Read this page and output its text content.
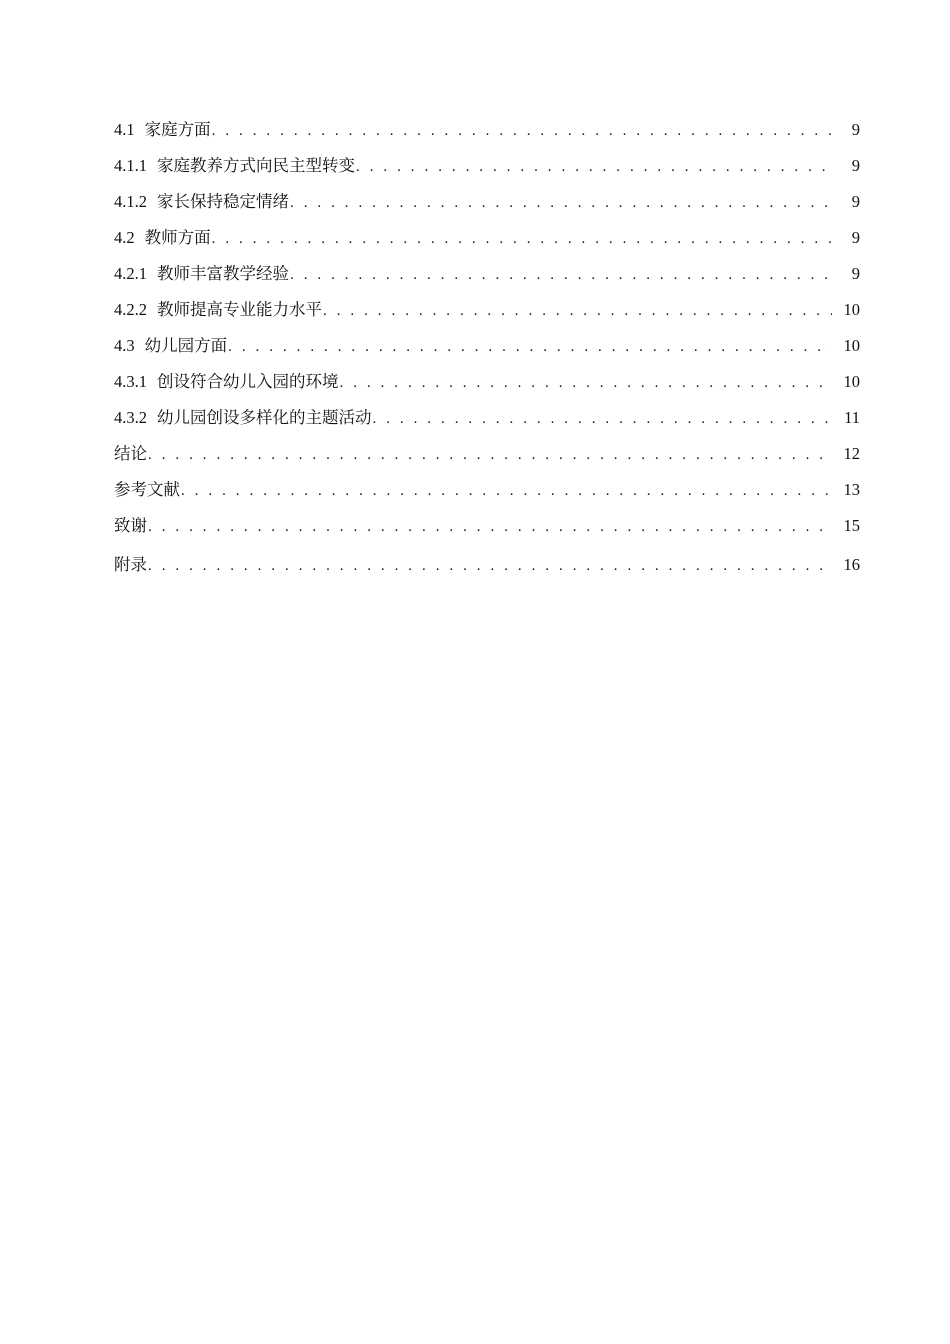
4.1 家庭方面 . . .	9
4.1.1 家庭教养方式向民主型转变 . . .	9
4.1.2 家长保持稳定情绪 . . .	9
4.2 教师方面 . . .	9
4.2.1 教师丰富教学经验 . . .	9
4.2.2 教师提高专业能力水平 . . .	10
4.3 幼儿园方面 . . .	10
4.3.1 创设符合幼儿入园的环境 . . .	10
4.3.2 幼儿园创设多样化的主题活动 . . .	11
结论 . . .	12
参考文献 . . .	13
致谢 . . .	15
附录 . . .	16
